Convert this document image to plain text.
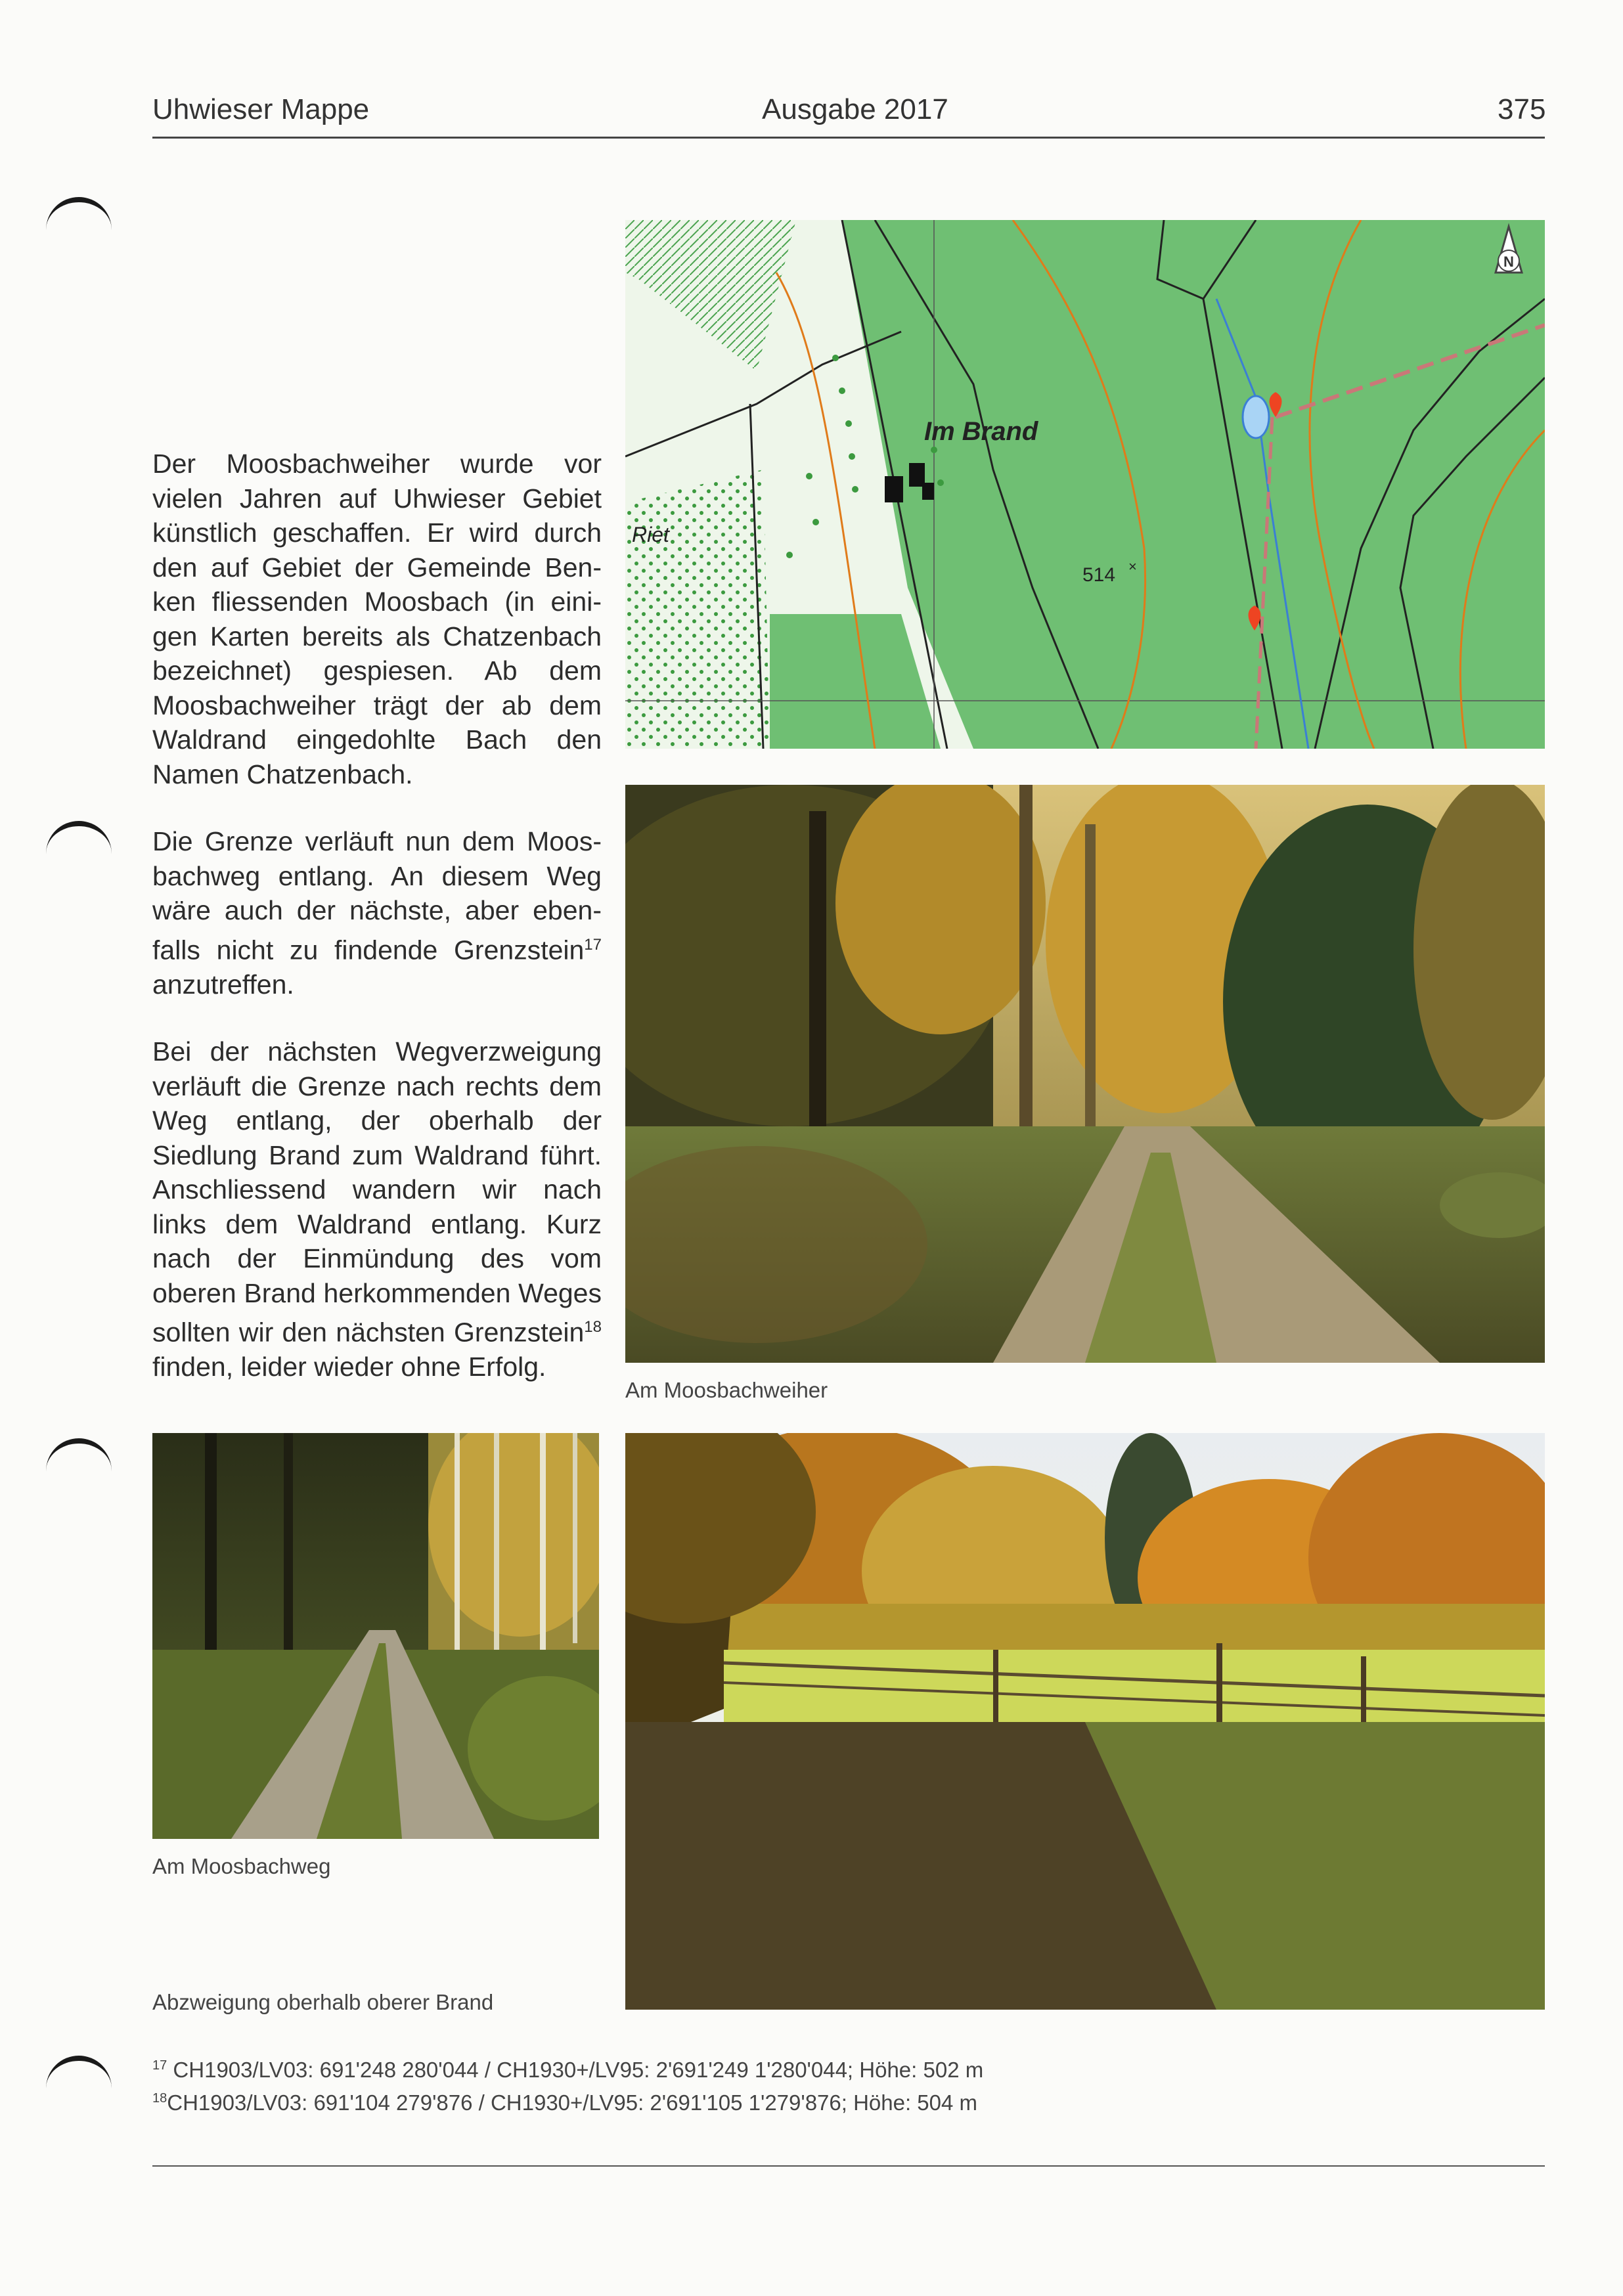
Uhwieser Mappe	Ausgabe 2017	375

Der Moosbachweiher wurde vor vielen Jahren auf Uhwieser Gebiet künstlich geschaffen. Er wird durch den auf Gebiet der Gemeinde Benken fliessenden Moosbach (in einigen Karten bereits als Chatzenbach bezeichnet) gespiesen. Ab dem Moosbachweiher trägt der ab dem Waldrand eingedohlte Bach den Namen Chatzenbach.

Die Grenze verläuft nun dem Moosbachweg entlang. An diesem Weg wäre auch der nächste, aber ebenfalls nicht zu findende Grenzstein$^{17}$ anzutreffen.

Bei der nächsten Wegverzweigung verläuft die Grenze nach rechts dem Weg entlang, der oberhalb der Siedlung Brand zum Waldrand führt. Anschliessend wandern wir nach links dem Waldrand entlang. Kurz nach der Einmündung des vom oberen Brand herkommenden Weges sollten wir den nächsten Grenzstein$^{18}$ finden, leider wieder ohne Erfolg.

Im Brand
Riet
514 ×
N
Am Moosbachweiher
Am Moosbachweg
Abzweigung oberhalb oberer Brand
$^{17}$ CH1903/LV03: 691'248 280'044 / CH1930+/LV95: 2'691'249 1'280'044; Höhe: 502 m
$^{18}$CH1903/LV03: 691'104 279'876 / CH1930+/LV95: 2'691'105 1'279'876; Höhe: 504 m
